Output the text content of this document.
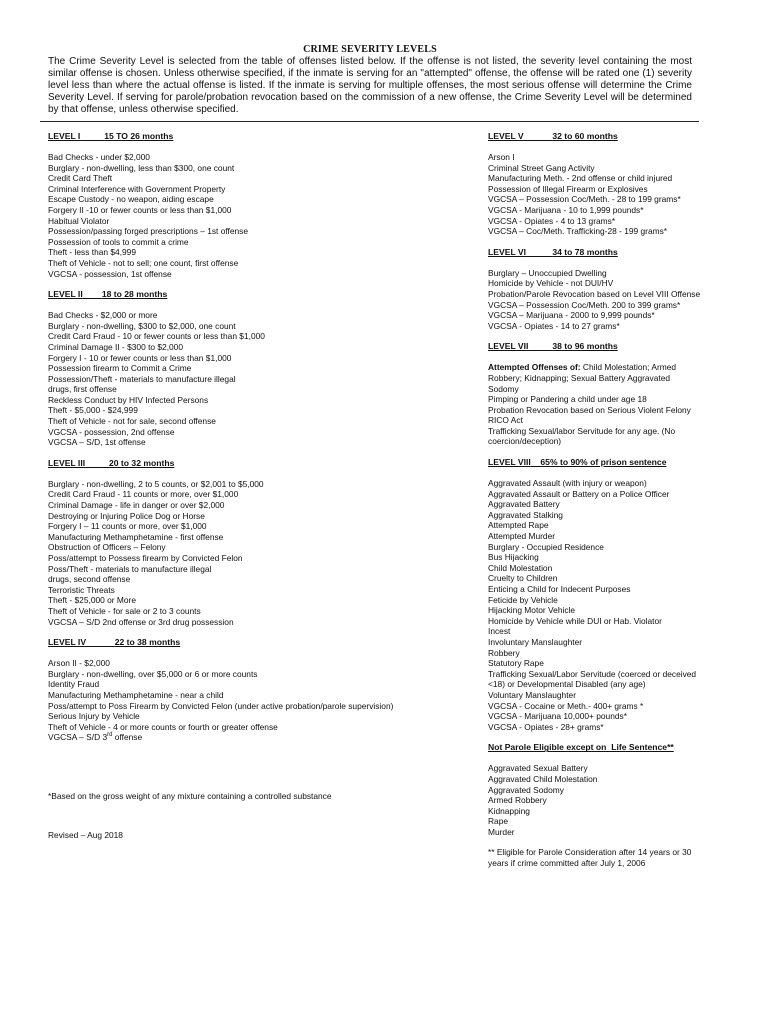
CRIME SEVERITY LEVELS
The Crime Severity Level is selected from the table of offenses listed below. If the offense is not listed, the severity level containing the most similar offense is chosen. Unless otherwise specified, if the inmate is serving for an "attempted" offense, the offense will be rated one (1) severity level less than where the actual offense is listed. If the inmate is serving for multiple offenses, the most serious offense will determine the Crime Severity Level. If serving for parole/probation revocation based on the commission of a new offense, the Crime Severity Level will be determined by that offense, unless otherwise specified.
LEVEL I	15 TO 26 months
Bad Checks - under $2,000
Burglary - non-dwelling, less than $300, one count
Credit Card Theft
Criminal Interference with Government Property
Escape Custody - no weapon, aiding escape
Forgery II -10 or fewer counts or less than $1,000
Habitual Violator
Possession/passing forged prescriptions – 1st offense
Possession of tools to commit a crime
Theft - less than $4,999
Theft of Vehicle - not to sell; one count, first offense
VGCSA - possession, 1st offense
LEVEL II 18 to 28 months
Bad Checks - $2,000 or more
Burglary - non-dwelling, $300 to $2,000, one count
Credit Card Fraud - 10 or fewer counts or less than $1,000
Criminal Damage II - $300 to $2,000
Forgery I - 10 or fewer counts or less than $1,000
Possession firearm to Commit a Crime
Possession/Theft - materials to manufacture illegal
drugs, first offense
Reckless Conduct by HIV Infected Persons
Theft - $5,000 - $24,999
Theft of Vehicle - not for sale, second offense
VGCSA - possession, 2nd offense
VGCSA – S/D, 1st offense
LEVEL III	20 to 32 months
Burglary - non-dwelling, 2 to 5 counts, or $2,001 to $5,000
Credit Card Fraud - 11 counts or more, over $1,000
Criminal Damage - life in danger or over $2,000
Destroying or Injuring Police Dog or Horse
Forgery I – 11 counts or more, over $1,000
Manufacturing Methamphetamine - first offense
Obstruction of Officers – Felony
Poss/attempt to Possess firearm by Convicted Felon
Poss/Theft - materials to manufacture illegal
drugs, second offense
Terroristic Threats
Theft - $25,000 or More
Theft of Vehicle - for sale or 2 to 3 counts
VGCSA – S/D 2nd offense or 3rd drug possession
LEVEL IV	22 to 38 months
Arson II - $2,000
Burglary - non-dwelling, over $5,000 or 6 or more counts
Identity Fraud
Manufacturing Methamphetamine - near a child
Poss/attempt to Poss Firearm by Convicted Felon (under active probation/parole supervision)
Serious Injury by Vehicle
Theft of Vehicle - 4 or more counts or fourth or greater offense
VGCSA – S/D 3rd offense
*Based on the gross weight of any mixture containing a controlled substance
Revised – Aug 2018
LEVEL V	32 to 60 months
Arson I
Criminal Street Gang Activity
Manufacturing Meth. - 2nd offense or child injured
Possession of Illegal Firearm or Explosives
VGCSA – Possession Coc/Meth. - 28 to 199 grams*
VGCSA - Marijuana - 10 to 1,999 pounds*
VGCSA - Opiates - 4 to 13 grams*
VGCSA – Coc/Meth. Trafficking-28 - 199 grams*
LEVEL VI	34 to 78 months
Burglary – Unoccupied Dwelling
Homicide by Vehicle - not DUI/HV
Probation/Parole Revocation based on Level VIII Offense
VGCSA – Possession Coc/Meth. 200 to 399 grams*
VGCSA – Marijuana - 2000 to 9,999 pounds*
VGCSA - Opiates - 14 to 27 grams*
LEVEL VII	38 to 96 months
Attempted Offenses of: Child Molestation; Armed Robbery; Kidnapping; Sexual Battery Aggravated Sodomy
Pimping or Pandering a child under age 18
Probation Revocation based on Serious Violent Felony
RICO Act
Trafficking Sexual/labor Servitude for any age. (No coercion/deception)
LEVEL VIII 65% to 90% of prison sentence
Aggravated Assault (with injury or weapon)
Aggravated Assault or Battery on a Police Officer
Aggravated Battery
Aggravated Stalking
Attempted Rape
Attempted Murder
Burglary - Occupied Residence
Bus Hijacking
Child Molestation
Cruelty to Children
Enticing a Child for Indecent Purposes
Feticide by Vehicle
Hijacking Motor Vehicle
Homicide by Vehicle while DUI or Hab. Violator
Incest
Involuntary Manslaughter
Robbery
Statutory Rape
Trafficking Sexual/Labor Servitude (coerced or deceived <18) or Developmental Disabled (any age)
Voluntary Manslaughter
VGCSA - Cocaine or Meth.- 400+ grams *
VGCSA - Marijuana 10,000+ pounds*
VGCSA - Opiates - 28+ grams*
Not Parole Eligible except on  Life Sentence**
Aggravated Sexual Battery
Aggravated Child Molestation
Aggravated Sodomy
Armed Robbery
Kidnapping
Rape
Murder
** Eligible for Parole Consideration after 14 years or 30 years if crime committed after July 1, 2006
